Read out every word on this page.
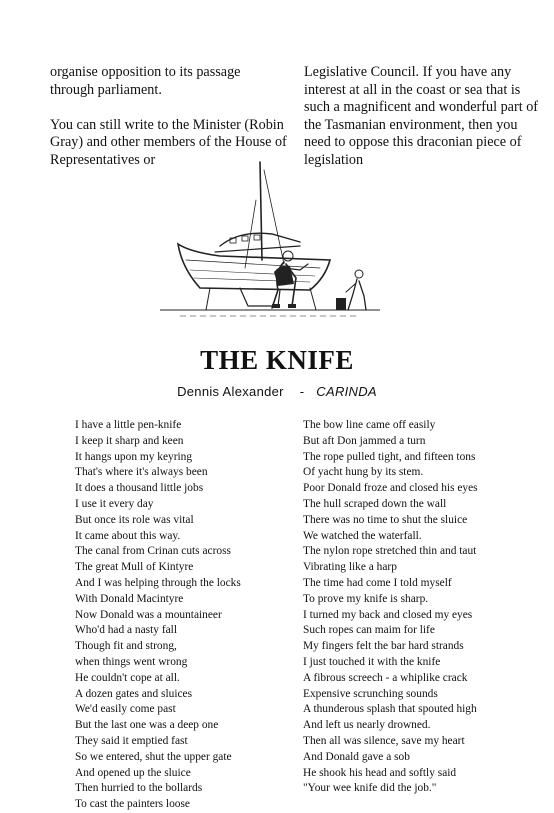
organise opposition to its passage through parliament.

You can still write to the Minister (Robin Gray) and other members of the House of Representatives or

Legislative Council. If you have any interest at all in the coast or sea that is such a magnificent and wonderful part of the Tasmanian environment, then you need to oppose this draconian piece of legislation

THE KNIFE
Dennis Alexander - CARINDA
I have a little pen-knife
I keep it sharp and keen
It hangs upon my keyring
That's where it's always been
It does a thousand little jobs
I use it every day
But once its role was vital
It came about this way.
The canal from Crinan cuts across
The great Mull of Kintyre
And I was helping through the locks
With Donald Macintyre
Now Donald was a mountaineer
Who'd had a nasty fall
Though fit and strong,
when things went wrong
He couldn't cope at all.
A dozen gates and sluices
We'd easily come past
But the last one was a deep one
They said it emptied fast
So we entered, shut the upper gate
And opened up the sluice
Then hurried to the bollards
To cast the painters loose
The bow line came off easily
But aft Don jammed a turn
The rope pulled tight, and fifteen tons
Of yacht hung by its stem.
Poor Donald froze and closed his eyes
The hull scraped down the wall
There was no time to shut the sluice
We watched the waterfall.
The nylon rope stretched thin and taut
Vibrating like a harp
The time had come I told myself
To prove my knife is sharp.
I turned my back and closed my eyes
Such ropes can maim for life
My fingers felt the bar hard strands
I just touched it with the knife
A fibrous screech - a whiplike crack
Expensive scrunching sounds
A thunderous splash that spouted high
And left us nearly drowned.
Then all was silence, save my heart
And Donald gave a sob
He shook his head and softly said
"Your wee knife did the job."
